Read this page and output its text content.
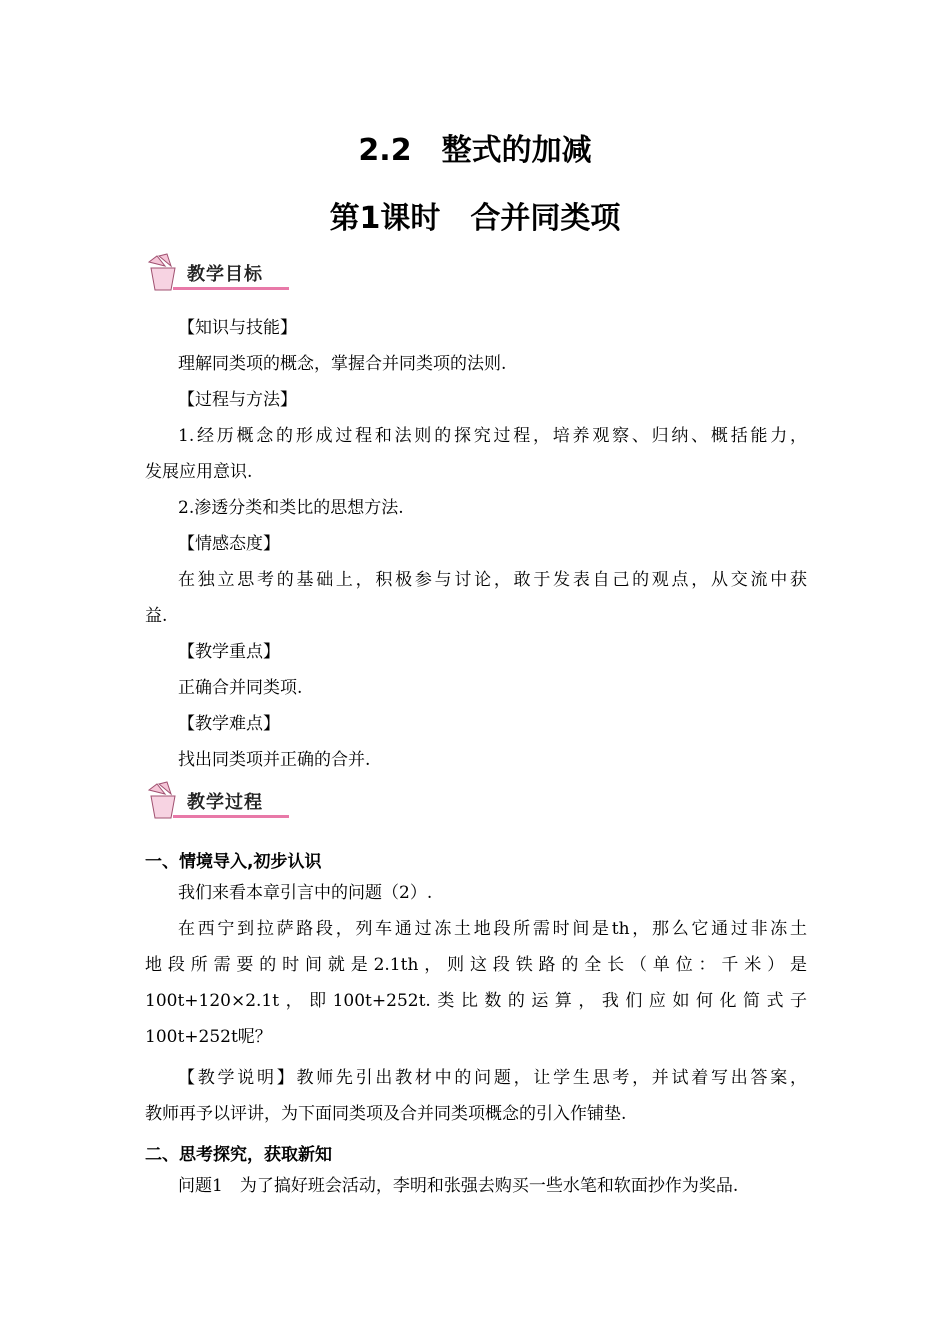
2.2　整式的加减
第1课时　合并同类项
教学目标
【知识与技能】
理解同类项的概念，掌握合并同类项的法则.
【过程与方法】
1.经历概念的形成过程和法则的探究过程，培养观察、归纳、概括能力，
发展应用意识.
2.渗透分类和类比的思想方法.
【情感态度】
在独立思考的基础上，积极参与讨论，敢于发表自己的观点，从交流中获
益.
【教学重点】
正确合并同类项.
【教学难点】
找出同类项并正确的合并.
教学过程
一、情境导入,初步认识
我们来看本章引言中的问题（2）.
在西宁到拉萨路段，列车通过冻土地段所需时间是th，那么它通过非冻土
地段所需要的时间就是2.1th，则这段铁路的全长（单位：千米）是
100t+120×2.1t，即100t+252t.类比数的运算，我们应如何化简式子
100t+252t呢？
【教学说明】教师先引出教材中的问题，让学生思考，并试着写出答案，
教师再予以评讲，为下面同类项及合并同类项概念的引入作铺垫.
二、思考探究，获取新知
问题1　为了搞好班会活动，李明和张强去购买一些水笔和软面抄作为奖品.
